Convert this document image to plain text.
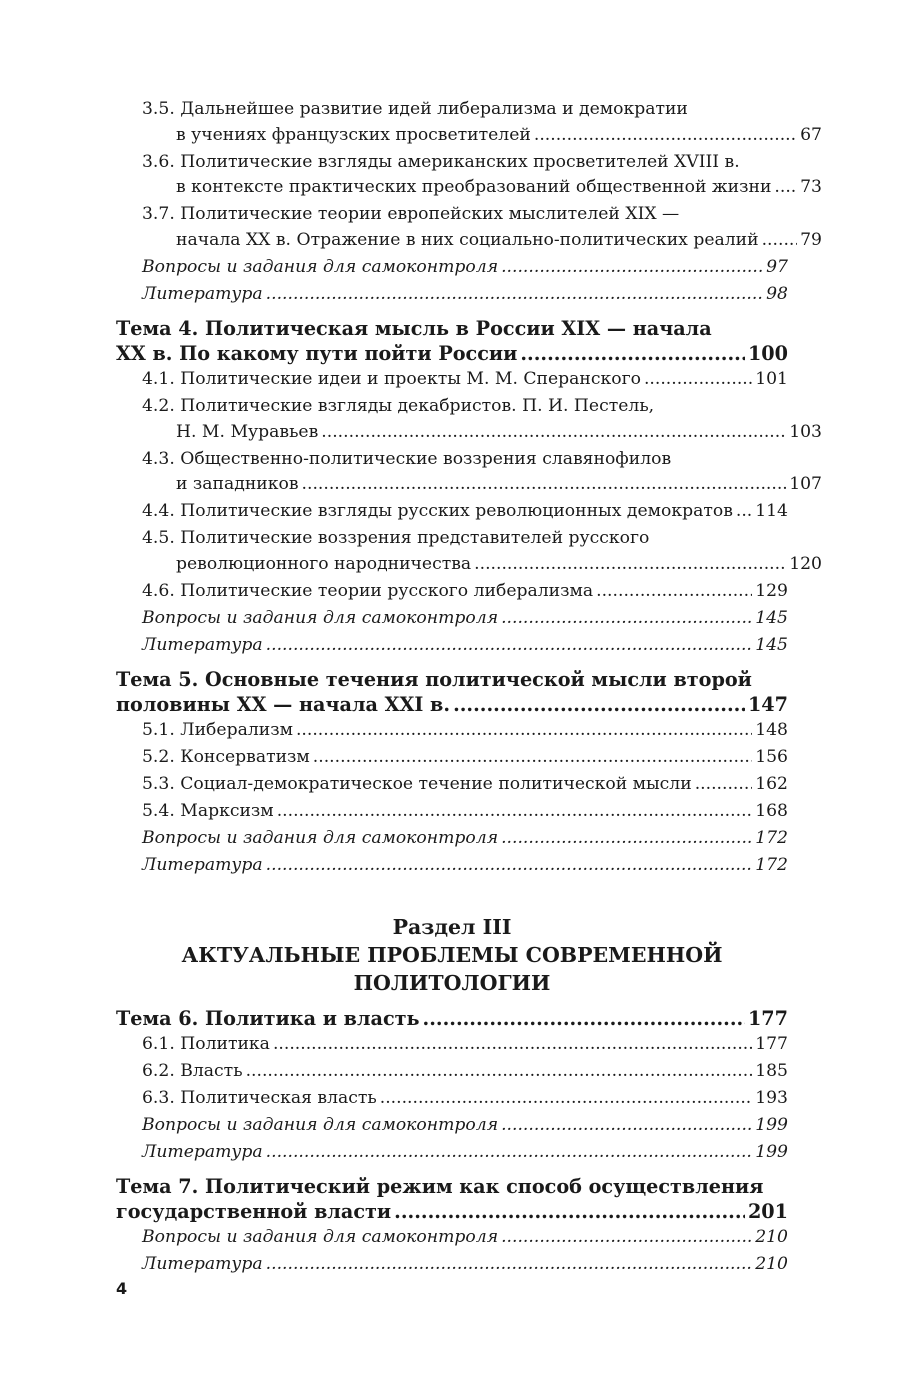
3.5. Дальнейшее развитие идей либерализма и демократии
в учениях французских просветителей .....	67
3.6. Политические взгляды американских просветителей XVIII в.
в контексте практических преобразований общественной жизни ..... 73
3.7. Политические теории европейских мыслителей XIX —
начала XX в. Отражение в них социально-политических реалий ..... 79
Вопросы и задания для самоконтроля .....	97
Литература .....	98
Тема 4. Политическая мысль в России XIX — начала
XX в. По какому пути пойти России .....	100
4.1. Политические идеи и проекты М. М. Сперанского .....	101
4.2. Политические взгляды декабристов. П. И. Пестель,
Н. М. Муравьев .....	103
4.3. Общественно-политические воззрения славянофилов
и западников .....	107
4.4. Политические взгляды русских революционных демократов ..... 114
4.5. Политические воззрения представителей русского
революционного народничества .....	120
4.6. Политические теории русского либерализма .....	129
Вопросы и задания для самоконтроля .....	145
Литература .....	145
Тема 5. Основные течения политической мысли второй
половины XX — начала XXI в. .....	147
5.1. Либерализм .....	148
5.2. Консерватизм .....	156
5.3. Социал-демократическое течение политической мысли .....	162
5.4. Марксизм .....	168
Вопросы и задания для самоконтроля .....	172
Литература .....	172
Раздел III
АКТУАЛЬНЫЕ ПРОБЛЕМЫ СОВРЕМЕННОЙ
ПОЛИТОЛОГИИ
Тема 6. Политика и власть .....	177
6.1. Политика .....	177
6.2. Власть .....	185
6.3. Политическая власть .....	193
Вопросы и задания для самоконтроля .....	199
Литература .....	199
Тема 7. Политический режим как способ осуществления
государственной власти .....	201
Вопросы и задания для самоконтроля .....	210
Литература .....	210
4
